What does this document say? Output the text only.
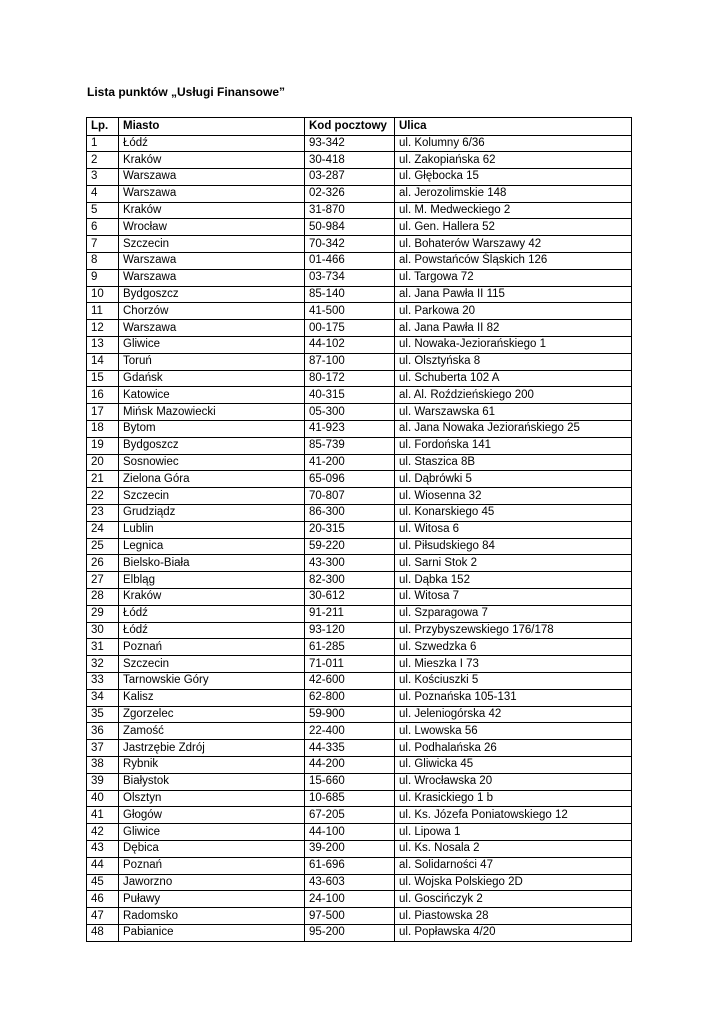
Lista punktów „Usługi Finansowe”
Lp.	Miasto	Kod pocztowy	Ulica
1	Łódź	93-342	ul. Kolumny 6/36
2	Kraków	30-418	ul. Zakopiańska 62
3	Warszawa	03-287	ul. Głębocka 15
4	Warszawa	02-326	al. Jerozolimskie 148
5	Kraków	31-870	ul. M. Medweckiego 2
6	Wrocław	50-984	ul. Gen. Hallera 52
7	Szczecin	70-342	ul. Bohaterów Warszawy 42
8	Warszawa	01-466	al. Powstańców Śląskich 126
9	Warszawa	03-734	ul. Targowa 72
10	Bydgoszcz	85-140	al. Jana Pawła II 115
11	Chorzów	41-500	ul. Parkowa 20
12	Warszawa	00-175	al. Jana Pawła II 82
13	Gliwice	44-102	ul. Nowaka-Jeziorańskiego 1
14	Toruń	87-100	ul. Olsztyńska 8
15	Gdańsk	80-172	ul. Schuberta 102 A
16	Katowice	40-315	al. Al. Roździeńskiego 200
17	Mińsk Mazowiecki	05-300	ul. Warszawska 61
18	Bytom	41-923	al. Jana Nowaka Jeziorańskiego 25
19	Bydgoszcz	85-739	ul. Fordońska 141
20	Sosnowiec	41-200	ul. Staszica 8B
21	Zielona Góra	65-096	ul. Dąbrówki 5
22	Szczecin	70-807	ul. Wiosenna 32
23	Grudziądz	86-300	ul. Konarskiego 45
24	Lublin	20-315	ul. Witosa 6
25	Legnica	59-220	ul. Piłsudskiego 84
26	Bielsko-Biała	43-300	ul. Sarni Stok 2
27	Elbląg	82-300	ul. Dąbka 152
28	Kraków	30-612	ul. Witosa 7
29	Łódź	91-211	ul. Szparagowa 7
30	Łódź	93-120	ul. Przybyszewskiego 176/178
31	Poznań	61-285	ul. Szwedzka 6
32	Szczecin	71-011	ul. Mieszka I 73
33	Tarnowskie Góry	42-600	ul. Kościuszki 5
34	Kalisz	62-800	ul. Poznańska 105-131
35	Zgorzelec	59-900	ul. Jeleniogórska 42
36	Zamość	22-400	ul. Lwowska 56
37	Jastrzębie Zdrój	44-335	ul. Podhalańska 26
38	Rybnik	44-200	ul. Gliwicka 45
39	Białystok	15-660	ul. Wrocławska 20
40	Olsztyn	10-685	ul. Krasickiego 1 b
41	Głogów	67-205	ul. Ks. Józefa Poniatowskiego 12
42	Gliwice	44-100	ul. Lipowa 1
43	Dębica	39-200	ul. Ks. Nosala 2
44	Poznań	61-696	al. Solidarności 47
45	Jaworzno	43-603	ul. Wojska Polskiego 2D
46	Puławy	24-100	ul. Goscińczyk 2
47	Radomsko	97-500	ul. Piastowska 28
48	Pabianice	95-200	ul. Popławska 4/20
